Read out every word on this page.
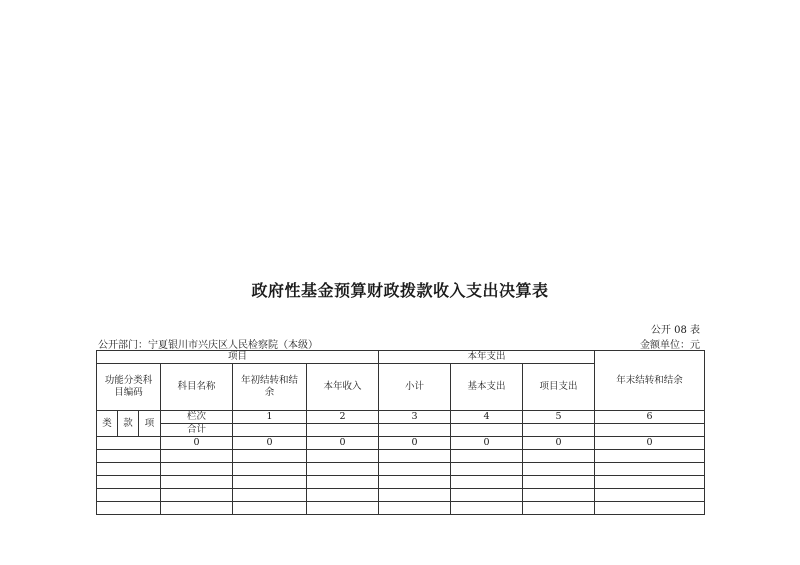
政府性基金预算财政拨款收入支出决算表
公开 08 表
公开部门：宁夏银川市兴庆区人民检察院（本级）	金额单位：元
项目						本年支出			年末结转和结余

功能分类科目编码			科目名称	年初结转和结余	本年收入	小计	基本支出	项目支出	
类	款	项	栏次	1	2	3	4	5	6
			合计						
			0	0	0	0	0	0	0
